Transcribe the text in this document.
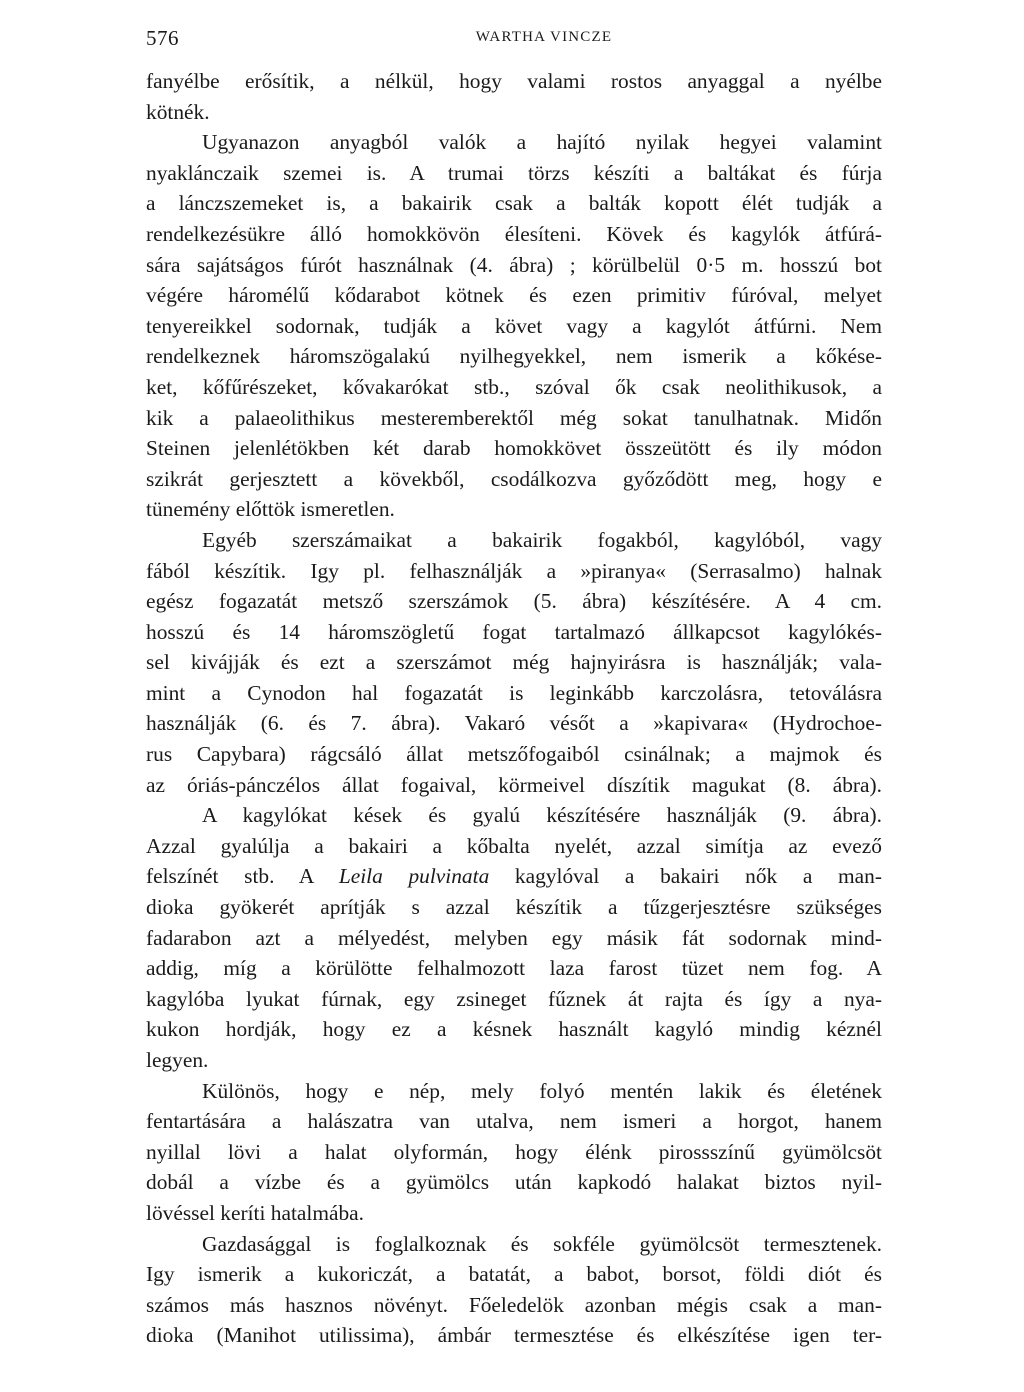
576	WARTHA VINCZE
fanyélbe erősítik, a nélkül, hogy valami rostos anyaggal a nyélbe
kötnék.
Ugyanazon anyagból valók a hajító nyilak hegyei valamint
nyaklánczaik szemei is. A trumai törzs készíti a baltákat és fúrja
a lánczszemeket is, a bakairik csak a balták kopott élét tudják a
rendelkezésükre álló homokkövön élesíteni. Kövek és kagylók átfúrá-
sára sajátságos fúrót használnak (4. ábra) ; körülbelül 0·5 m. hosszú bot
végére háromélű kődarabot kötnek és ezen primitiv fúróval, melyet
tenyereikkel sodornak, tudják a követ vagy a kagylót átfúrni. Nem
rendelkeznek háromszögalakú nyilhegyekkel, nem ismerik a kőkése-
ket, kőfűrészeket, kővakarókat stb., szóval ők csak neolithikusok, a
kik a palaeolithikus mesteremberektől még sokat tanulhatnak. Midőn
Steinen jelenlétökben két darab homokkövet összeütött és ily módon
szikrát gerjesztett a kövekből, csodálkozva győződött meg, hogy e
tünemény előttök ismeretlen.
Egyéb szerszámaikat a bakairik fogakból, kagylóból, vagy
fából készítik. Igy pl. felhasználják a »piranya« (Serrasalmo) halnak
egész fogazatát metsző szerszámok (5. ábra) készítésére. A 4 cm.
hosszú és 14 háromszögletű fogat tartalmazó állkapcsot kagylókés-
sel kivájják és ezt a szerszámot még hajnyirásra is használják; vala-
mint a Cynodon hal fogazatát is leginkább karczolásra, tetoválásra
használják (6. és 7. ábra). Vakaró vésőt a »kapivara« (Hydrochoe-
rus Capybara) rágcsáló állat metszőfogaiból csinálnak; a majmok és
az óriás-pánczélos állat fogaival, körmeivel díszítik magukat (8. ábra).
A kagylókat kések és gyalú készítésére használják (9. ábra).
Azzal gyalúlja a bakairi a kőbalta nyelét, azzal simítja az evező
felszínét stb. A Leila pulvinata kagylóval a bakairi nők a man-
dioka gyökerét aprítják s azzal készítik a tűzgerjesztésre szükséges
fadarabon azt a mélyedést, melyben egy másik fát sodornak mind-
addig, míg a körülötte felhalmozott laza farost tüzet nem fog. A
kagylóba lyukat fúrnak, egy zsineget fűznek át rajta és így a nya-
kukon hordják, hogy ez a késnek használt kagyló mindig kéznél
legyen.
Különös, hogy e nép, mely folyó mentén lakik és életének
fentartására a halászatra van utalva, nem ismeri a horgot, hanem
nyillal lövi a halat olyformán, hogy élénk pirossszínű gyümölcsöt
dobál a vízbe és a gyümölcs után kapkodó halakat biztos nyil-
lövéssel keríti hatalmába.
Gazdasággal is foglalkoznak és sokféle gyümölcsöt termesztenek.
Igy ismerik a kukoriczát, a batatát, a babot, borsot, földi diót és
számos más hasznos növényt. Főeledelök azonban mégis csak a man-
dioka (Manihot utilissima), ámbár termesztése és elkészítése igen ter-
